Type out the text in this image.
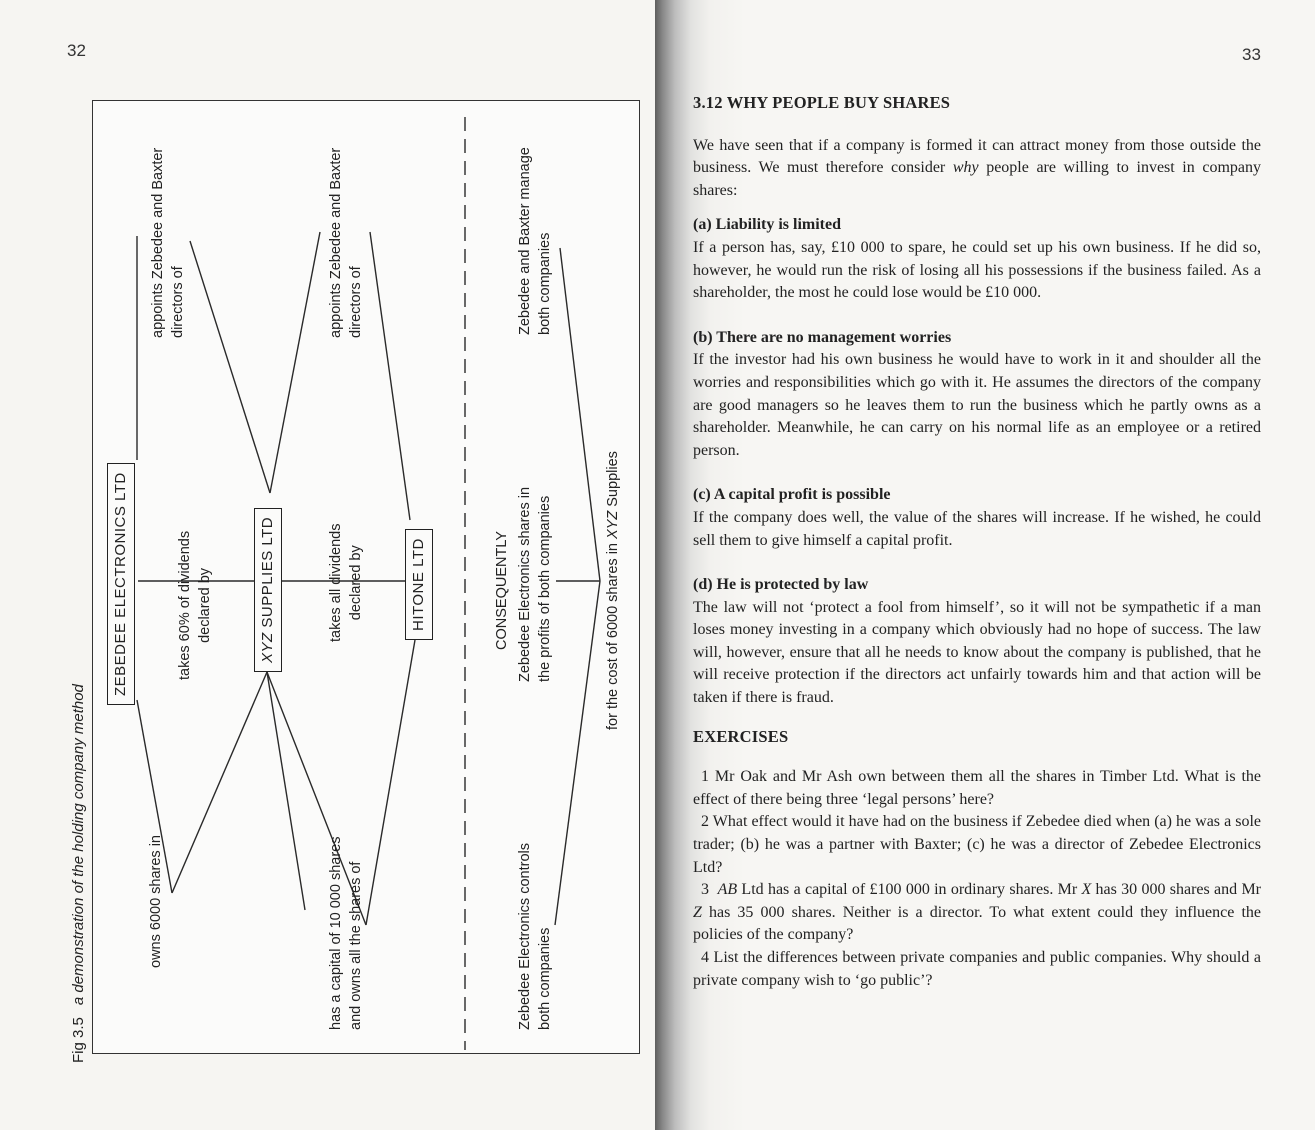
32
Fig 3.5a demonstration of the holding company method
ZEBEDEE ELECTRONICS LTD	XYZ SUPPLIES LTD	HITONE LTD
appoints Zebedee and Baxter directors of
owns 6000 shares in
takes 60% of dividends declared by
appoints Zebedee and Baxter directors of
takes all dividends declared by
has a capital of 10 000 shares and owns all the shares of
Zebedee and Baxter manage both companies
CONSEQUENTLY Zebedee Electronics shares in the profits of both companies
Zebedee Electronics controls both companies
for the cost of 6000 shares in XYZ Supplies
33
3.12 WHY PEOPLE BUY SHARES

We have seen that if a company is formed it can attract money from those outside the business. We must therefore consider why people are willing to invest in company shares:

(a) Liability is limited

If a person has, say, £10 000 to spare, he could set up his own business. If he did so, however, he would run the risk of losing all his possessions if the business failed. As a shareholder, the most he could lose would be £10 000.

(b) There are no management worries

If the investor had his own business he would have to work in it and shoulder all the worries and responsibilities which go with it. He assumes the directors of the company are good managers so he leaves them to run the business which he partly owns as a shareholder. Meanwhile, he can carry on his normal life as an employee or a retired person.

(c) A capital profit is possible

If the company does well, the value of the shares will increase. If he wished, he could sell them to give himself a capital profit.

(d) He is protected by law

The law will not ‘protect a fool from himself’, so it will not be sympathetic if a man loses money investing in a company which obviously had no hope of success. The law will, however, ensure that all he needs to know about the company is published, that he will receive protection if the directors act unfairly towards him and that action will be taken if there is fraud.

EXERCISES

1 Mr Oak and Mr Ash own between them all the shares in Timber Ltd. What is the effect of there being three ‘legal persons’ here?

2 What effect would it have had on the business if Zebedee died when (a) he was a sole trader; (b) he was a partner with Baxter; (c) he was a director of Zebedee Electronics Ltd?

3  AB Ltd has a capital of £100 000 in ordinary shares. Mr X has 30 000 shares and Mr Z has 35 000 shares. Neither is a director. To what extent could they influence the policies of the company?

4 List the differences between private companies and public companies. Why should a private company wish to ‘go public’?
